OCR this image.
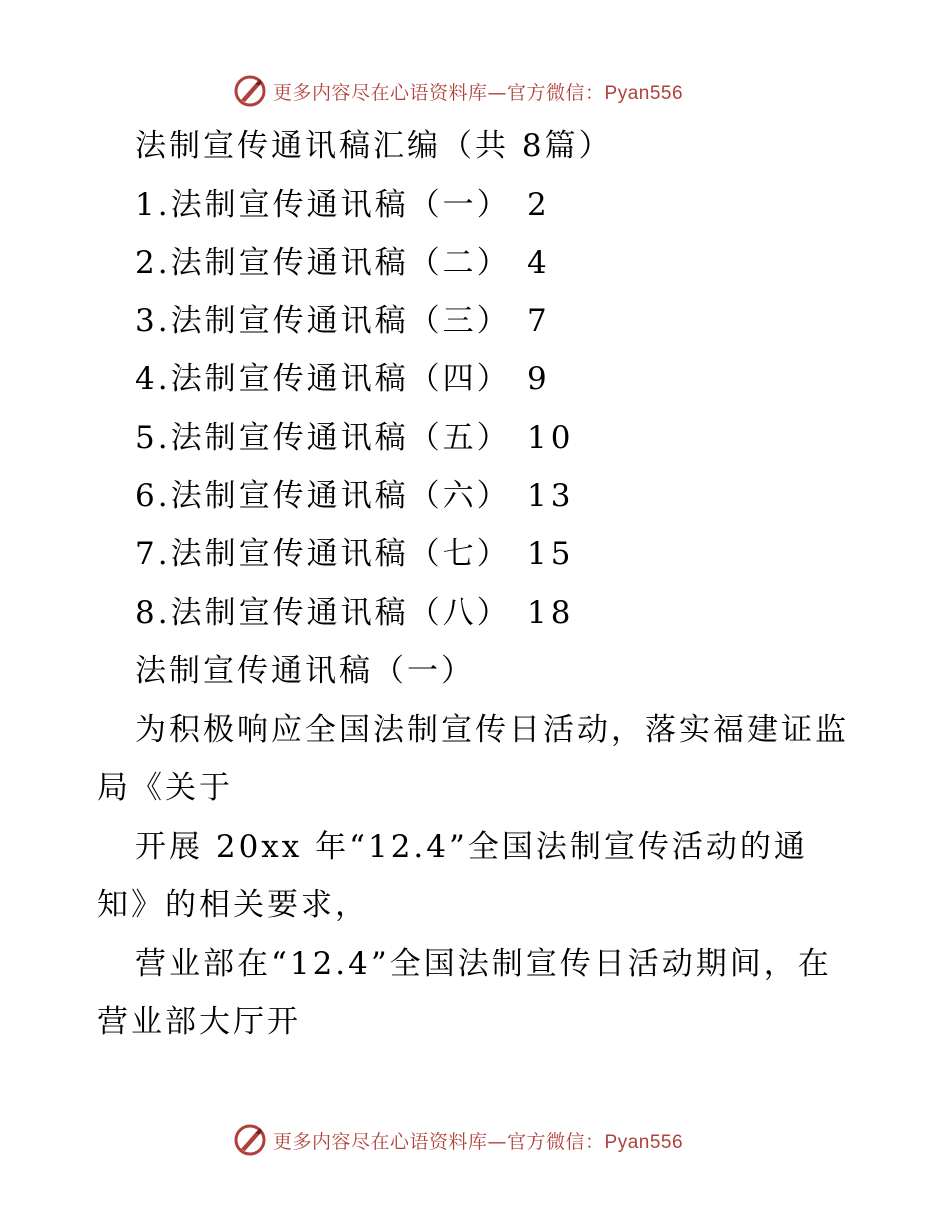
更多内容尽在心语资料库—官方微信：Pyan556
法制宣传通讯稿汇编（共 8篇）
1.法制宣传通讯稿（一） 2
2.法制宣传通讯稿（二） 4
3.法制宣传通讯稿（三） 7
4.法制宣传通讯稿（四） 9
5.法制宣传通讯稿（五） 10
6.法制宣传通讯稿（六） 13
7.法制宣传通讯稿（七） 15
8.法制宣传通讯稿（八） 18
法制宣传通讯稿（一）
为积极响应全国法制宣传日活动，落实福建证监
局《关于
开展 20xx 年“12.4”全国法制宣传活动的通
知》的相关要求，
营业部在“12.4”全国法制宣传日活动期间，在
营业部大厅开
更多内容尽在心语资料库—官方微信：Pyan556
